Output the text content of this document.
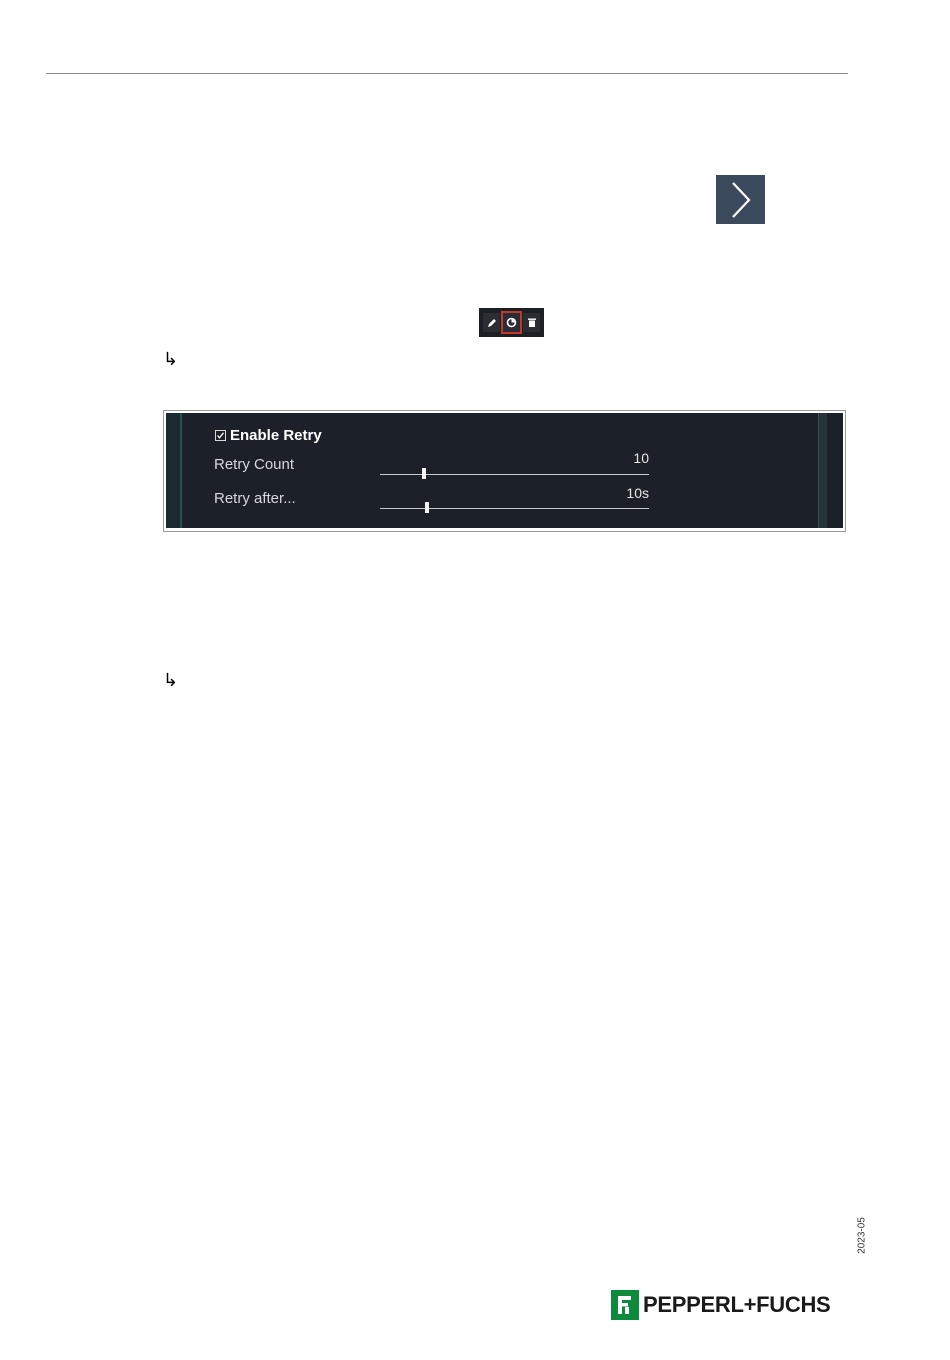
↳
Enable Retry
Retry Count	10
Retry after...	10s
↳
2023-05
PEPPERL+FUCHS
